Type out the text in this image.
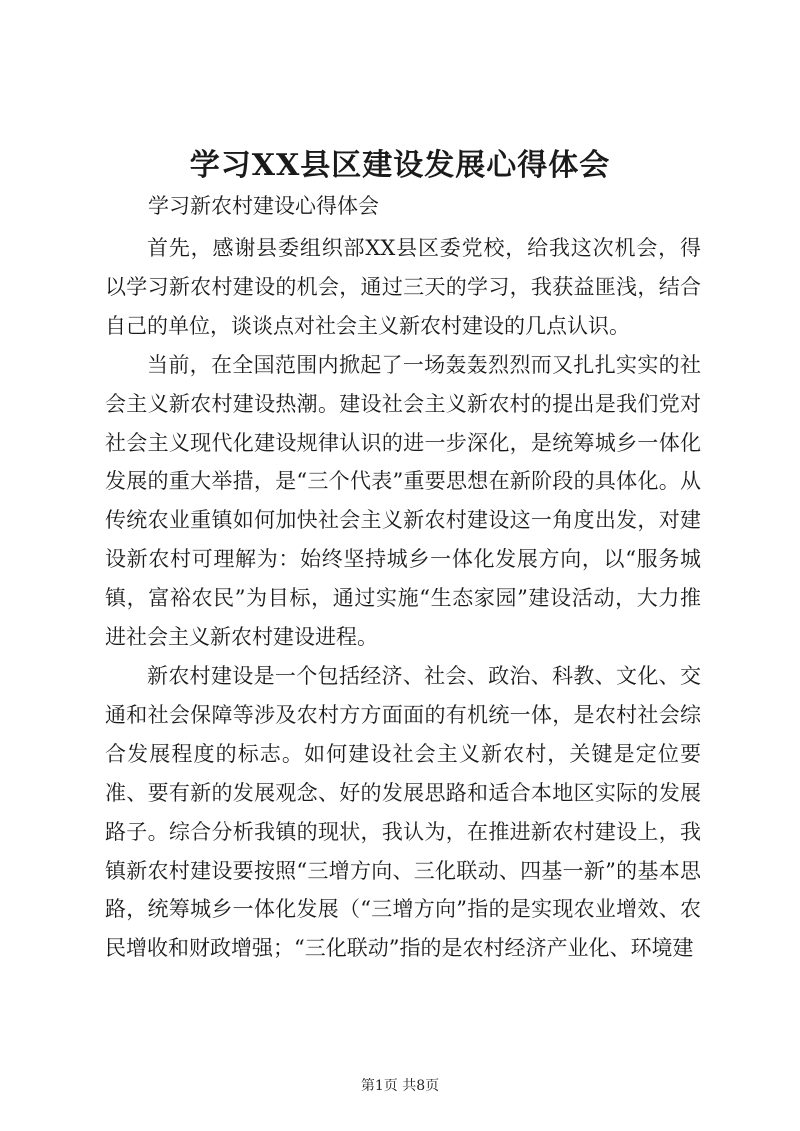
学习XX县区建设发展心得体会

学习新农村建设心得体会

首先，感谢县委组织部XX县区委党校，给我这次机会，得以学习新农村建设的机会，通过三天的学习，我获益匪浅，结合自己的单位，谈谈点对社会主义新农村建设的几点认识。

当前，在全国范围内掀起了一场轰轰烈烈而又扎扎实实的社会主义新农村建设热潮。建设社会主义新农村的提出是我们党对社会主义现代化建设规律认识的进一步深化，是统筹城乡一体化发展的重大举措，是“三个代表”重要思想在新阶段的具体化。从传统农业重镇如何加快社会主义新农村建设这一角度出发，对建设新农村可理解为：始终坚持城乡一体化发展方向，以“服务城镇，富裕农民”为目标，通过实施“生态家园”建设活动，大力推进社会主义新农村建设进程。

新农村建设是一个包括经济、社会、政治、科教、文化、交通和社会保障等涉及农村方方面面的有机统一体，是农村社会综合发展程度的标志。如何建设社会主义新农村，关键是定位要准、要有新的发展观念、好的发展思路和适合本地区实际的发展路子。综合分析我镇的现状，我认为，在推进新农村建设上，我镇新农村建设要按照“三增方向、三化联动、四基一新”的基本思路，统筹城乡一体化发展（“三增方向”指的是实现农业增效、农民增收和财政增强；“三化联动”指的是农村经济产业化、环境建

第1页 共8页
